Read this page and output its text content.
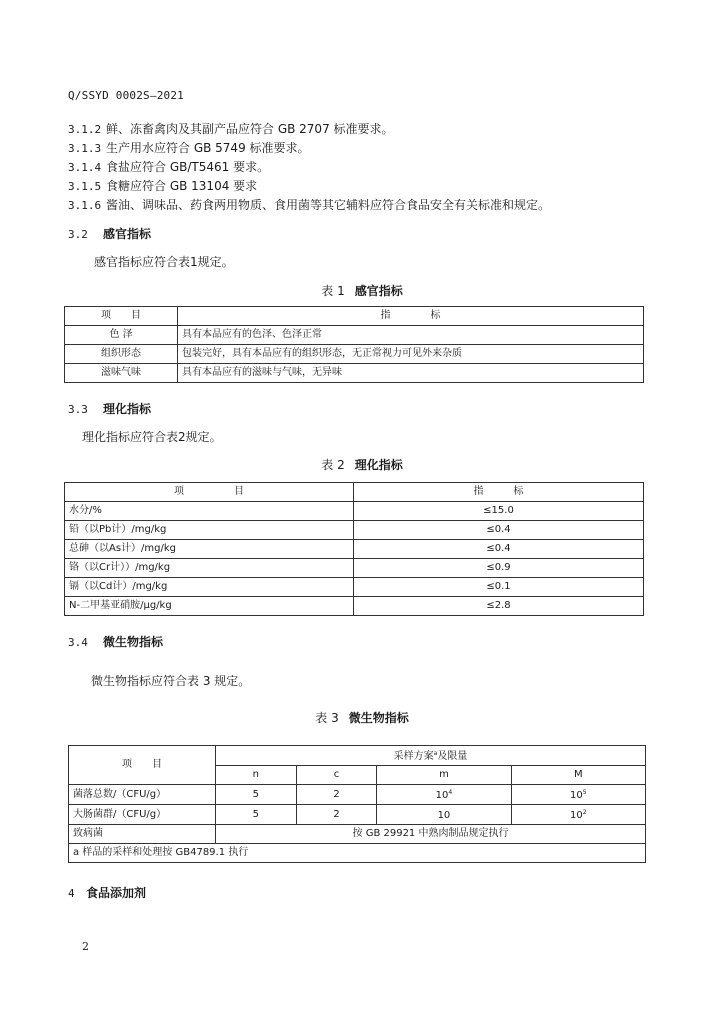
Q/SSYD 0002S—2021
3.1.2 鲜、冻畜禽肉及其副产品应符合 GB 2707 标准要求。
3.1.3 生产用水应符合 GB 5749 标准要求。
3.1.4 食盐应符合 GB/T5461 要求。
3.1.5 食糖应符合 GB 13104 要求
3.1.6 酱油、调味品、药食两用物质、食用菌等其它辅料应符合食品安全有关标准和规定。
3.2 感官指标
感官指标应符合表1规定。
表 1 感官指标
项　　目	指　　　　标
色 泽	具有本品应有的色泽、色泽正常
组织形态	包装完好，具有本品应有的组织形态，无正常视力可见外来杂质
滋味气味	具有本品应有的滋味与气味，无异味
3.3 理化指标
理化指标应符合表2规定。
表 2 理化指标
项　　　　　目	指　　　标
水分/%	≤15.0
铅（以Pb计）/mg/kg	≤0.4
总砷（以As计）/mg/kg	≤0.4
铬（以Cr计））/mg/kg	≤0.9
镉（以Cd计）/mg/kg	≤0.1
N-二甲基亚硝胺/μg/kg	≤2.8
3.4 微生物指标
微生物指标应符合表 3 规定。
表 3 微生物指标
项　　目	采样方案$^a$及限量			
	n	c	m	M
菌落总数/（CFU/g）	5	2	$10^4$	$10^5$
大肠菌群/（CFU/g）	5	2	10	$10^2$
致病菌	按 GB 29921 中熟肉制品规定执行			
a 样品的采样和处理按 GB4789.1 执行				
4 食品添加剂
2
